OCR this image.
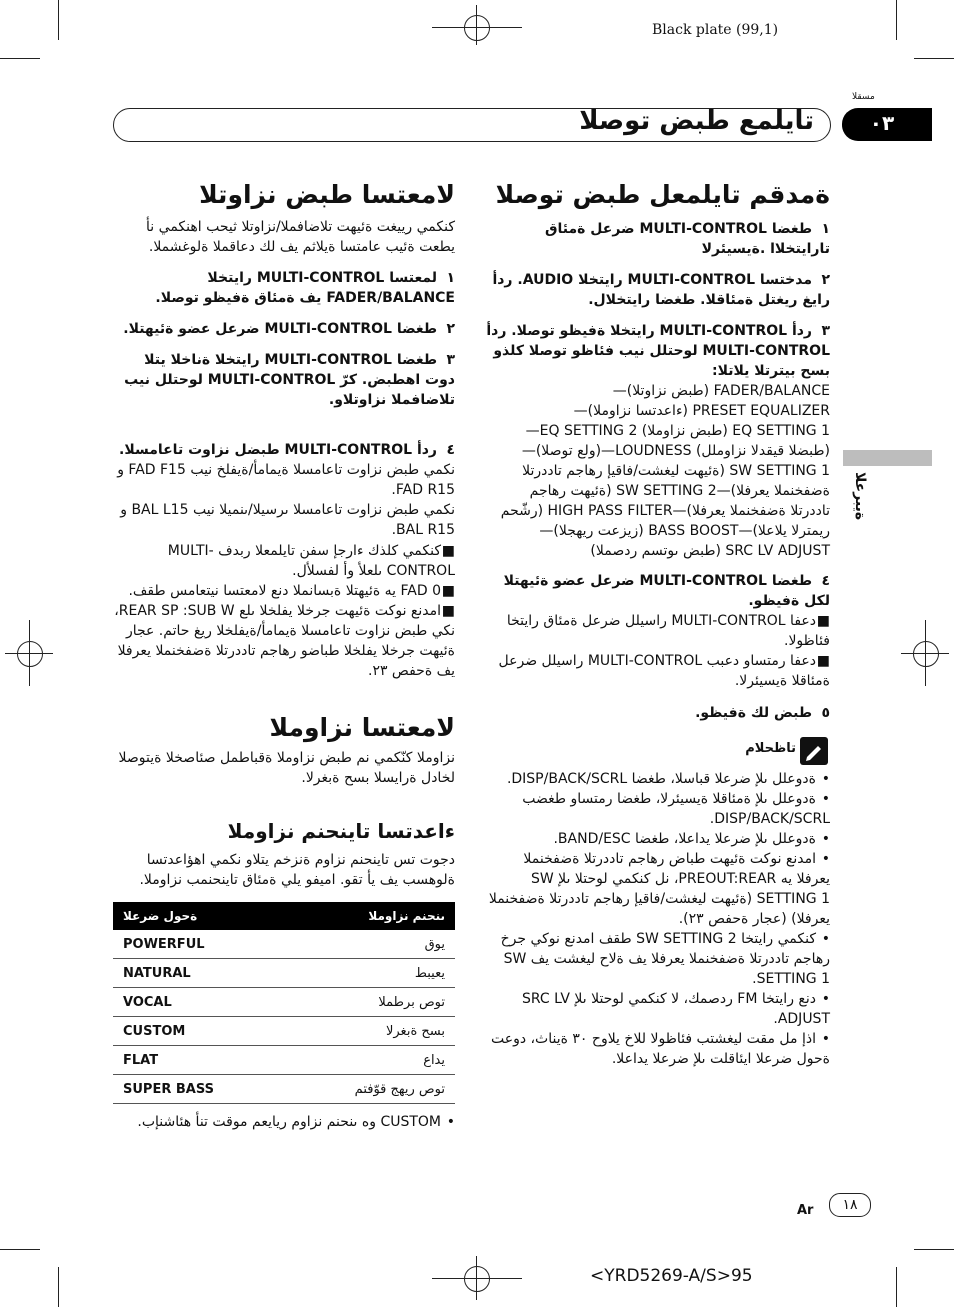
Black plate (99,1)
مسقلا
تايلمع طبض توصلا	٠٣
ةيبرعلا
ةمدقم تايلمعل طبض توصلا
١طغضا MULTI-CONTROL ضرعل ةمئاق تارايتخلاا .ةيسيئرلا
٢مدختسا MULTI-CONTROL رايتخلا AUDIO. ردأ رايغ ريغتل ةمئاقلا. طغضا رايتخلال.
٣ردأ MULTI-CONTROL رايتخلا ةفيظو توصلا. ردأ MULTI-CONTROL لوحتلل نيب فئاظو توصلا كلذو بسح بيترتلا يلاتلا:
FADER/BALANCE (طبض نزاوتلا)—
PRESET EQUALIZER (ءاعدتسا نزاوملا)—
EQ SETTING 1 (طبض نزاوملا) EQ SETTING 2—
(طبضلا قيقدلا نزاوملل) LOUDNESS—(ولع توصلا)—
SW SETTING 1 (ةئيهت ليغشت/فاقيإ رهاجم تاددرتلا
ةضفخنملا يعرفلا)—SW SETTING 2 (ةئيهت رهاجم
تاددرتلا ةضفخنملا يعرفلا)—HIGH PASS FILTER (رشّحم
ريمترلا يلاعلا)—BASS BOOST (زيزعت ريهجلا)—
SRC LV ADJUST (طبض ىوتسم ردصملا)
٤طغضا MULTI-CONTROL ضرعل عضو ةئيهتلا لكل ةفيظو.
■دعفا MULTI-CONTROL راسيلل ضرعل ةمئاق رايتخا فئاظولا.
■دعفا رمتساو دعبب MULTI-CONTROL راسيلل ضرعل ةمئاقلا ةيسيئرلا.
٥طبض لك ةفيظو.
تاظحلام
•ةدوعلل ىلإ ضرعلا قباسلا، طغضا DISP/BACK/SCRL.
•ةدوعلل ىلإ ةمئاقلا ةيسيئرلا، طغضا رمتساو طغضب DISP/BACK/SCRL.
•ةدوعلل ىلإ ضرعلا يداعلا، طغضا BAND/ESC.
•امدنع نوكت ةئيهت طباض رهاجم تاددرتلا ةضفخنملا يعرفلا يه PREOUT:REAR، نل كنكمي لوحتلا ىلإ SW SETTING 1 (ةئيهت ليغشت/فاقيإ رهاجم تاددرتلا ةضفخنملا يعرفلا) (عجار ةحفص ٢٣).
•كنكمي رايتخا SW SETTING 2 طقف امدنع نوكي جرخ رهاجم تاددرتلا ةضفخنملا يعرفلا يف ةلاح ليغشت يف SW SETTING 1.
•دنع رايتخا FM ردصمك، لا كنكمي لوحتلا ىلإ SRC LV ADJUST.
•اذإ مل مقت ليغشتب فئاظولا للاخ يلاوح ٣٠ ةيناث، دوعت ةحول ضرعلا ايئاقلت ىلإ ضرعلا يداعلا.
لامعتسا طبض نزاوتلا
كنكمي رييغت ةئيهت تلاضافملا/نزاوتلا ثيحب اهنكمي نأ يطعت ةئيب عامتسا ةيلاثم يف لك دعاقملا ةلوغشملا.
١لمعتسا MULTI-CONTROL رايتخلا FADER/BALANCE يف ةمئاق ةفيظو توصلا.
٢طغضا MULTI-CONTROL ضرعل عضو ةئيهتلا.
٣طغضا MULTI-CONTROL رايتخلا ةناخلا يتلا دوت اهطبض. كرّ MULTI-CONTROL لوحتلل نيب تلاضافملا نزاوتلاو.
٤ردأ MULTI-CONTROL طبضل نزاوت تاعامسلا.
نكمي طبض نزاوت تاعامسلا ةيمامأ/ةيفلخ نيب FAD F15 و FAD R15.
نكمي طبض نزاوت تاعامسلا ىرسيلا/ىنميلا نيب BAL L15 و BAL R15.
■كنكمي كلذك ءارجإ سفن تايلمعلا ربدف MULTI-CONTROL ىلعلأ وأ لفسلأل.
■FAD 0 يه ةئيهتلا ةبسانملا دنع لامعتسا نيتعامس طقف.
■امدنع نوكت ةئيهت جرخلا يفلخلا ىلع REAR SP :SUB W، نكي طبض نزاوت تاعامسلا ةيمامأ/ةيفلخلا ريغ حاتم. عجار ةئيهت جرخلا يفلخلا طباضو رهاجم تاددرتلا ةضفخنملا يعرفلا يف ةحفص ٢٣.
لامعتسا نزاوملا
نزاوملا كنّكمي نم طبض نزاوملا ةقباطمل صئاصخلا ةيتوصلا لخادل ةرايسلا بسح ةبغرلا.
ءاعدتسا تاينحنم نزاوملا
دجوت تس تاينحنم نزاوم ةنزخم يتلاو نكمي اهؤاعدتسا ةلوهسب يف يأ تقو. اميفو يلي ةمئاق تاينحنمب نزاوملا.
ةحول ضرعلا	ىنحنم نزاوملا
POWERFUL	يوق
NATURAL	يعيبط
VOCAL	توص برطملا
CUSTOM	بسح ةبغرلا
FLAT	يداع
SUPER BASS	توص ريهج قوّفتم
•CUSTOM وه ىنحنم نزاوم ريايعم موقت تنأ هئاشنإب.
١٨
Ar
<YRD5269-A/S>95
